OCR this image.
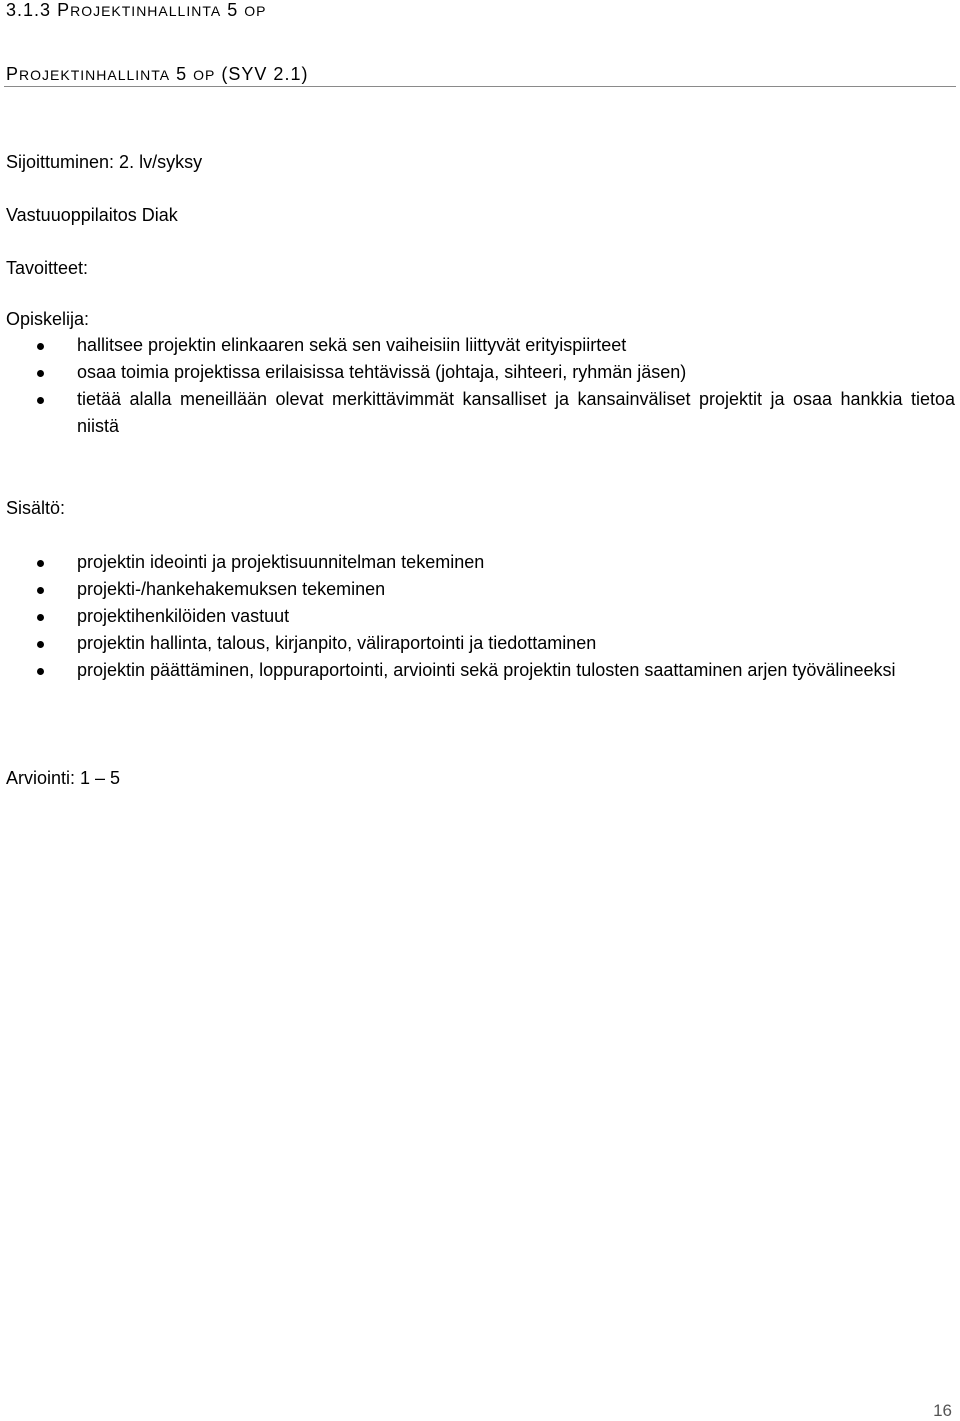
3.1.3 PROJEKTINHALLINTA 5 OP
PROJEKTINHALLINTA 5 OP (SYV 2.1)
Sijoittuminen: 2. lv/syksy
Vastuuoppilaitos Diak
Tavoitteet:
Opiskelija:
hallitsee projektin elinkaaren sekä sen vaiheisiin liittyvät erityispiirteet
osaa toimia projektissa erilaisissa tehtävissä (johtaja, sihteeri, ryhmän jäsen)
tietää alalla meneillään olevat merkittävimmät kansalliset ja kansainväliset projektit ja osaa hankkia tietoa niistä
Sisältö:
projektin ideointi ja projektisuunnitelman tekeminen
projekti-/hankehakemuksen tekeminen
projektihenkilöiden vastuut
projektin hallinta, talous, kirjanpito, väliraportointi ja tiedottaminen
projektin päättäminen, loppuraportointi, arviointi sekä projektin tulosten saattaminen arjen työvälineeksi
Arviointi: 1 – 5
16
